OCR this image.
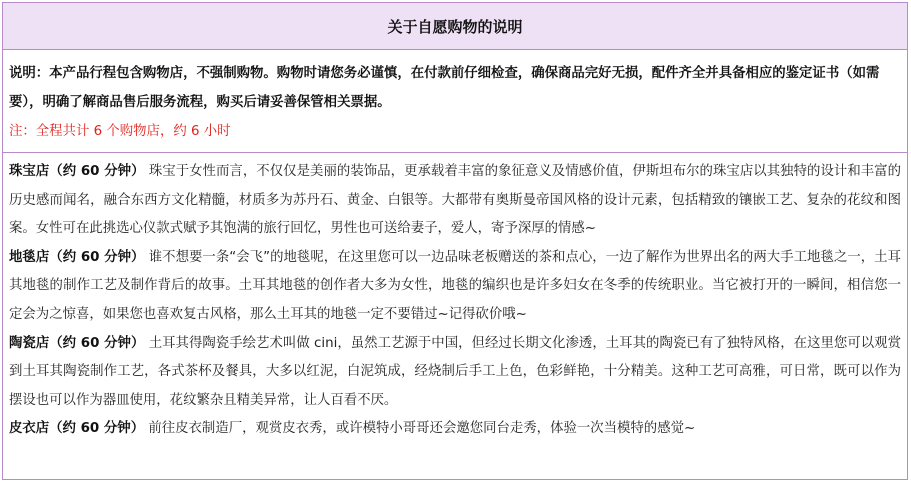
关于自愿购物的说明

说明：本产品行程包含购物店，不强制购物。购物时请您务必谨慎，在付款前仔细检查，确保商品完好无损，配件齐全并具备相应的鉴定证书（如需要），明确了解商品售后服务流程，购买后请妥善保管相关票据。

注：全程共计 6 个购物店，约 6 小时

珠宝店（约 60 分钟） 珠宝于女性而言，不仅仅是美丽的装饰品，更承载着丰富的象征意义及情感价值，伊斯坦布尔的珠宝店以其独特的设计和丰富的历史感而闻名，融合东西方文化精髓，材质多为苏丹石、黄金、白银等。大都带有奥斯曼帝国风格的设计元素，包括精致的镶嵌工艺、复杂的花纹和图案。女性可在此挑选心仪款式赋予其饱满的旅行回忆，男性也可送给妻子，爱人，寄予深厚的情感~

地毯店（约 60 分钟） 谁不想要一条“会飞”的地毯呢，在这里您可以一边品味老板赠送的茶和点心，一边了解作为世界出名的两大手工地毯之一，土耳其地毯的制作工艺及制作背后的故事。土耳其地毯的创作者大多为女性，地毯的编织也是许多妇女在冬季的传统职业。当它被打开的一瞬间，相信您一定会为之惊喜，如果您也喜欢复古风格，那么土耳其的地毯一定不要错过~记得砍价哦~

陶瓷店（约 60 分钟） 土耳其得陶瓷手绘艺术叫做 cini，虽然工艺源于中国，但经过长期文化渗透，土耳其的陶瓷已有了独特风格，在这里您可以观赏到土耳其陶瓷制作工艺，各式茶杯及餐具，大多以红泥，白泥筑成，经烧制后手工上色，色彩鲜艳，十分精美。这种工艺可高雅，可日常，既可以作为摆设也可以作为器皿使用，花纹繁杂且精美异常，让人百看不厌。

皮衣店（约 60 分钟） 前往皮衣制造厂，观赏皮衣秀，或许模特小哥哥还会邀您同台走秀，体验一次当模特的感觉~
